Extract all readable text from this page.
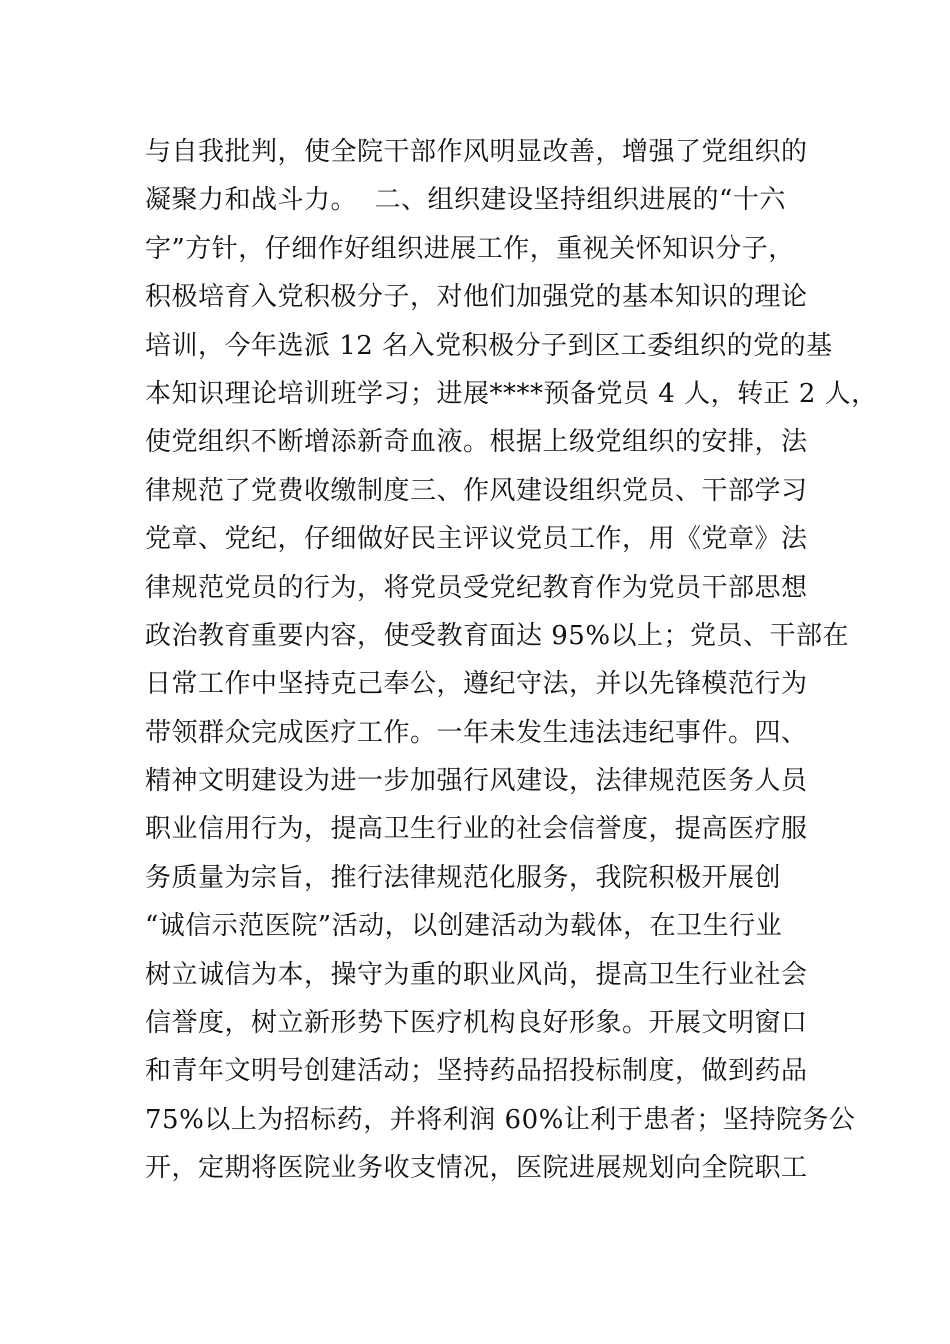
与自我批判，使全院干部作风明显改善，增强了党组织的
凝聚力和战斗力。  二、组织建设坚持组织进展的“十六
字”方针，仔细作好组织进展工作，重视关怀知识分子，
积极培育入党积极分子，对他们加强党的基本知识的理论
培训，今年选派 12 名入党积极分子到区工委组织的党的基
本知识理论培训班学习；进展****预备党员 4 人，转正 2 人，
使党组织不断增添新奇血液。根据上级党组织的安排，法
律规范了党费收缴制度三、作风建设组织党员、干部学习
党章、党纪，仔细做好民主评议党员工作，用《党章》法
律规范党员的行为，将党员受党纪教育作为党员干部思想
政治教育重要内容，使受教育面达 95%以上；党员、干部在
日常工作中坚持克己奉公，遵纪守法，并以先锋模范行为
带领群众完成医疗工作。一年未发生违法违纪事件。四、
精神文明建设为进一步加强行风建设，法律规范医务人员
职业信用行为，提高卫生行业的社会信誉度，提高医疗服
务质量为宗旨，推行法律规范化服务，我院积极开展创
“诚信示范医院”活动，以创建活动为载体，在卫生行业
树立诚信为本，操守为重的职业风尚，提高卫生行业社会
信誉度，树立新形势下医疗机构良好形象。开展文明窗口
和青年文明号创建活动；坚持药品招投标制度，做到药品
75%以上为招标药，并将利润 60%让利于患者；坚持院务公
开，定期将医院业务收支情况，医院进展规划向全院职工
